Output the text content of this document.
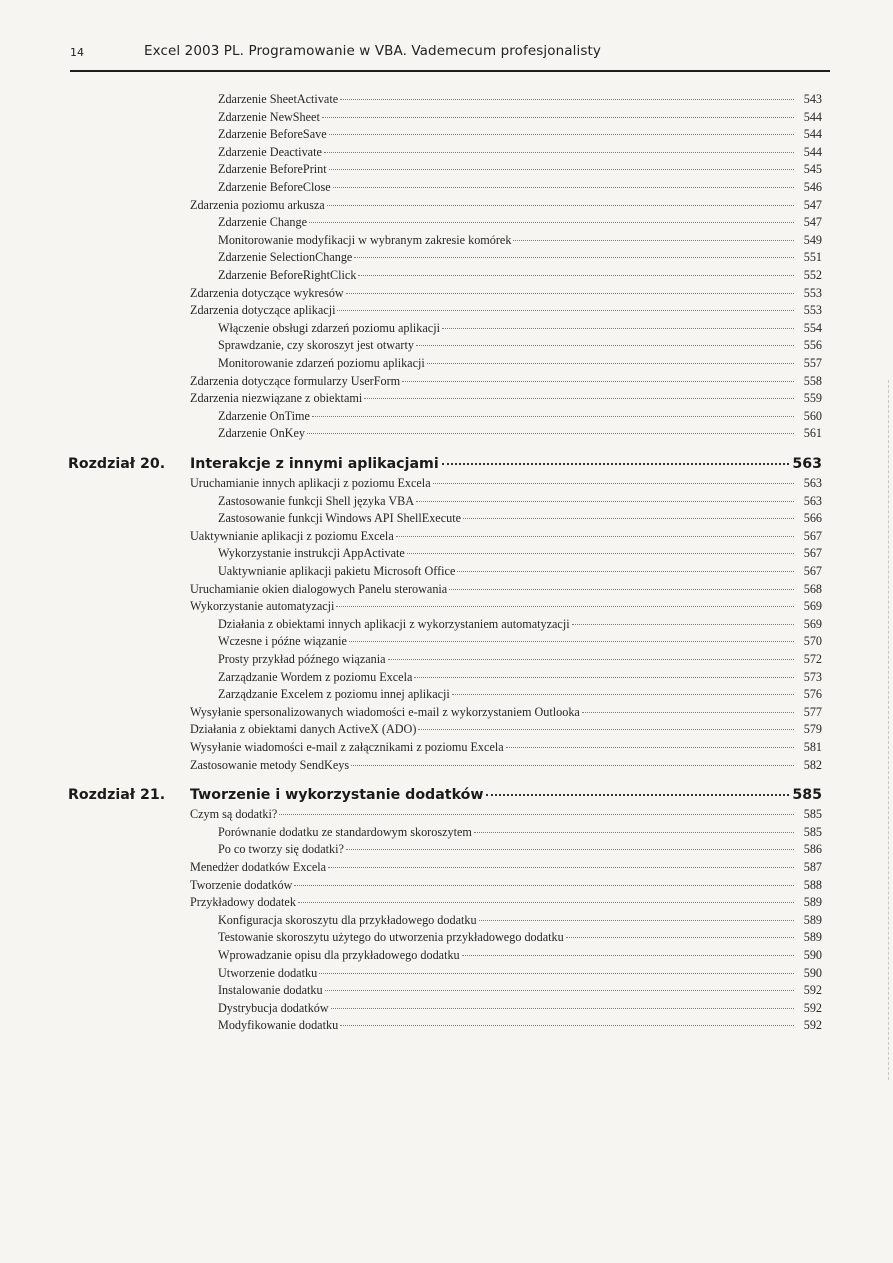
14	Excel 2003 PL. Programowanie w VBA. Vademecum profesjonalisty
Zdarzenie SheetActivate	543
Zdarzenie NewSheet	544
Zdarzenie BeforeSave	544
Zdarzenie Deactivate	544
Zdarzenie BeforePrint	545
Zdarzenie BeforeClose	546
Zdarzenia poziomu arkusza	547
Zdarzenie Change	547
Monitorowanie modyfikacji w wybranym zakresie komórek	549
Zdarzenie SelectionChange	551
Zdarzenie BeforeRightClick	552
Zdarzenia dotyczące wykresów	553
Zdarzenia dotyczące aplikacji	553
Włączenie obsługi zdarzeń poziomu aplikacji	554
Sprawdzanie, czy skoroszyt jest otwarty	556
Monitorowanie zdarzeń poziomu aplikacji	557
Zdarzenia dotyczące formularzy UserForm	558
Zdarzenia niezwiązane z obiektami	559
Zdarzenie OnTime	560
Zdarzenie OnKey	561
Rozdział 20.	Interakcje z innymi aplikacjami	563
Uruchamianie innych aplikacji z poziomu Excela	563
Zastosowanie funkcji Shell języka VBA	563
Zastosowanie funkcji Windows API ShellExecute	566
Uaktywnianie aplikacji z poziomu Excela	567
Wykorzystanie instrukcji AppActivate	567
Uaktywnianie aplikacji pakietu Microsoft Office	567
Uruchamianie okien dialogowych Panelu sterowania	568
Wykorzystanie automatyzacji	569
Działania z obiektami innych aplikacji z wykorzystaniem automatyzacji	569
Wczesne i późne wiązanie	570
Prosty przykład późnego wiązania	572
Zarządzanie Wordem z poziomu Excela	573
Zarządzanie Excelem z poziomu innej aplikacji	576
Wysyłanie spersonalizowanych wiadomości e-mail z wykorzystaniem Outlooka	577
Działania z obiektami danych ActiveX (ADO)	579
Wysyłanie wiadomości e-mail z załącznikami z poziomu Excela	581
Zastosowanie metody SendKeys	582
Rozdział 21.	Tworzenie i wykorzystanie dodatków	585
Czym są dodatki?	585
Porównanie dodatku ze standardowym skoroszytem	585
Po co tworzy się dodatki?	586
Menedżer dodatków Excela	587
Tworzenie dodatków	588
Przykładowy dodatek	589
Konfiguracja skoroszytu dla przykładowego dodatku	589
Testowanie skoroszytu użytego do utworzenia przykładowego dodatku	589
Wprowadzanie opisu dla przykładowego dodatku	590
Utworzenie dodatku	590
Instalowanie dodatku	592
Dystrybucja dodatków	592
Modyfikowanie dodatku	592
